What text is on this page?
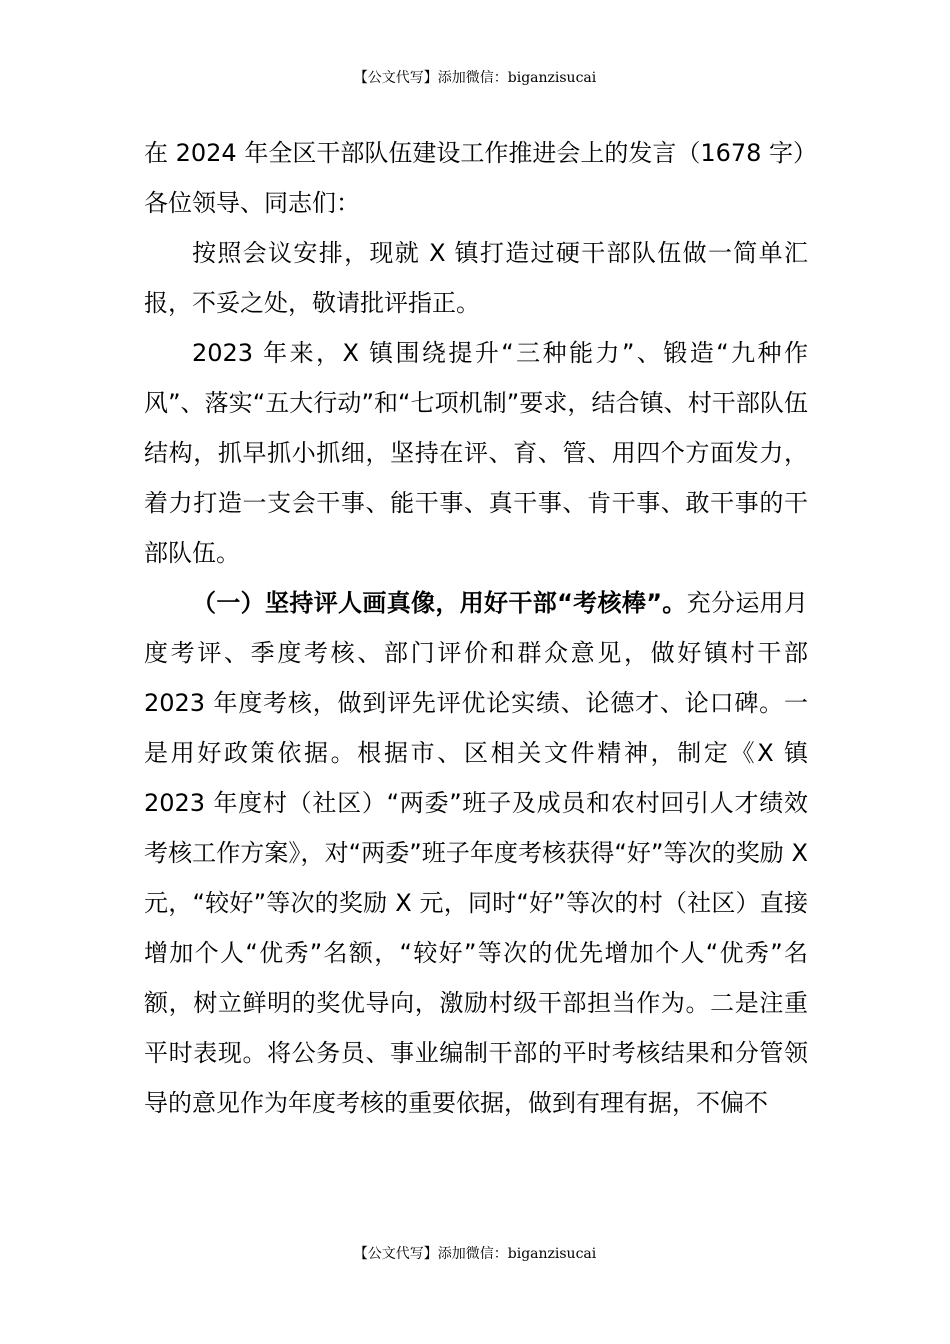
【公文代写】添加微信：biganzisucai
在 2024 年全区干部队伍建设工作推进会上的发言（1678 字）

各位领导、同志们：

按照会议安排，现就 X 镇打造过硬干部队伍做一简单汇报，不妥之处，敬请批评指正。

2023 年来，X 镇围绕提升“三种能力”、锻造“九种作风”、落实“五大行动”和“七项机制”要求，结合镇、村干部队伍结构，抓早抓小抓细，坚持在评、育、管、用四个方面发力，着力打造一支会干事、能干事、真干事、肯干事、敢干事的干部队伍。

（一）坚持评人画真像，用好干部“考核棒”。充分运用月度考评、季度考核、部门评价和群众意见，做好镇村干部 2023 年度考核，做到评先评优论实绩、论德才、论口碑。一是用好政策依据。根据市、区相关文件精神，制定《X 镇 2023 年度村（社区）“两委”班子及成员和农村回引人才绩效考核工作方案》，对“两委”班子年度考核获得“好”等次的奖励 X 元，“较好”等次的奖励 X 元，同时“好”等次的村（社区）直接增加个人“优秀”名额，“较好”等次的优先增加个人“优秀”名额，树立鲜明的奖优导向，激励村级干部担当作为。二是注重平时表现。将公务员、事业编制干部的平时考核结果和分管领导的意见作为年度考核的重要依据，做到有理有据，不偏不

【公文代写】添加微信：biganzisucai
